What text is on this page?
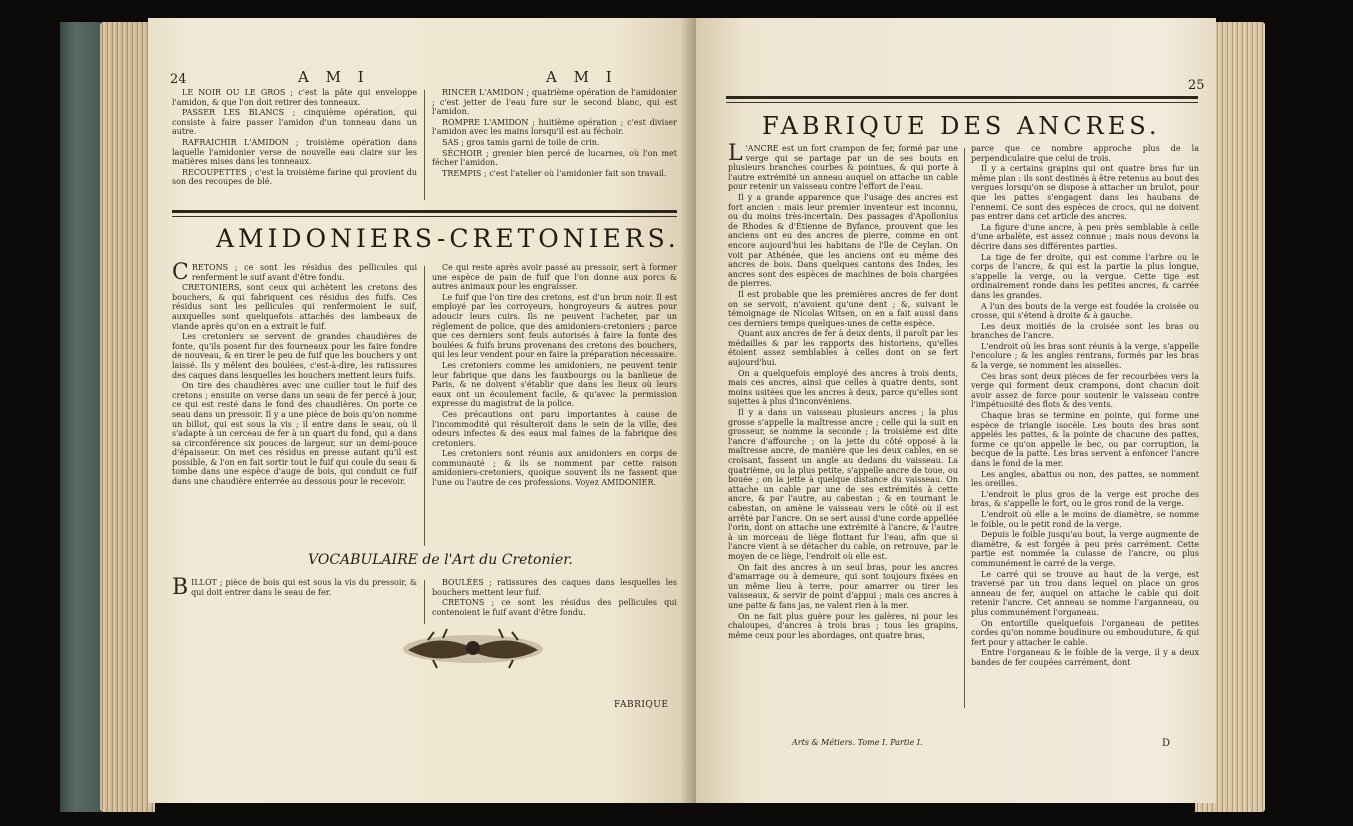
24	A M I	A M I

LE NOIR OU LE GROS ; c'est la pâte qui enveloppe l'amidon, & que l'on doit retirer des tonneaux.

PASSER LES BLANCS ; cinquième opération, qui consiste à faire passer l'amidon d'un tonneau dans un autre.

RAFRAICHIR L'AMIDON ; troisième opération dans laquelle l'amidonier verse de nouvelle eau claire sur les matières mises dans les tonneaux.

RECOUPETTES ; c'est la troisième farine qui provient du son des recoupes de blé.

RINCER L'AMIDON ; quatrième opération de l'amidonier ; c'est jetter de l'eau fure sur le second blanc, qui est l'amidon.

ROMPRE L'AMIDON ; huitième opération ; c'est diviser l'amidon avec les mains lorsqu'il est au féchoir.

SAS ; gros tamis garni de toile de crin.

SÉCHOIR ; grenier bien percé de lucarnes, où l'on met fécher l'amidon.

TREMPIS ; c'est l'atelier où l'amidonier fait son travail.

AMIDONIERS-CRETONIERS.

CRETONS ; ce sont les résidus des pellicules qui renferment le suif avant d'être fondu.

CRETONIERS, sont ceux qui achètent les cretons des bouchers, & qui fabriquent ces résidus des fuifs. Ces résidus sont les pellicules qui renfermoient le suif, auxquelles sont quelquefois attachés des lambeaux de viande après qu'on en a extrait le fuif.

Les cretoniers se servent de grandes chaudières de fonte, qu'ils posent fur des fourneaux pour les faire fondre de nouveau, & en tirer le peu de fuif que les bouchers y ont laissé. Ils y mêlent des boulées, c'est-à-dire, les ratissures des caques dans lesquelles les bouchers mettent leurs fuifs.

On tire des chaudières avec une cuiller tout le fuif des cretons ; ensuite on verse dans un seau de fer percé à jour, ce qui est resté dans le fond des chaudières. On porte ce seau dans un pressoir. Il y a une pièce de bois qu'on nomme un billot, qui est sous la vis ; il entre dans le seau, où il s'adapte à un cerceau de fer à un quart du fond, qui a dans sa circonférence six pouces de largeur, sur un demi-pouce d'épaisseur. On met ces résidus en presse autant qu'il est possible, & l'on en fait sortir tout le fuif qui coule du seau & tombe dans une espèce d'auge de bois, qui conduit ce fuif dans une chaudière enterrée au dessous pour le recevoir.

Ce qui reste après avoir passé au pressoir, sert à former une espèce de pain de fuif que l'on donne aux porcs & autres animaux pour les engraisser.

Le fuif que l'on tire des cretons, est d'un brun noir. Il est employé par les corroyeurs, hongroyeurs & autres pour adoucir leurs cuirs. Ils ne peuvent l'acheter, par un réglement de police, que des amidoniers-cretoniers ; parce que ces derniers sont feuls autorisés à faire la fonte des boulées & fuifs bruns provenans des cretons des bouchers, qui les leur vendent pour en faire la préparation nécessaire.

Les cretoniers comme les amidoniers, ne peuvent tenir leur fabrique que dans les fauxbourgs ou la banlieue de Paris, & ne doivent s'établir que dans les lieux où leurs eaux ont un écoulement facile, & qu'avec la permission expresse du magistrat de la police.

Ces précautions ont paru importantes à cause de l'incommodité qui résulteroit dans le sein de la ville, des odeurs infectes & des eaux mal faines de la fabrique des cretoniers.

Les cretoniers sont réunis aux amidoniers en corps de communauté ; & ils se nomment par cette raison amidoniers-cretoniers, quoique souvent ils ne fassent que l'une ou l'autre de ces professions. Voyez AMIDONIER.

VOCABULAIRE de l'Art du Cretonier.

BILLOT ; pièce de bois qui est sous la vis du pressoir, & qui doit entrer dans le seau de fer.

BOULÉES ; ratissures des caques dans lesquelles les bouchers mettent leur fuif.

CRETONS ; ce sont les résidus des pellicules qui contenoient le fuif avant d'être fondu.

FABRIQUE
25
FABRIQUE DES ANCRES.

L 'ANCRE est un fort crampon de fer, formé par une verge qui se partage par un de ses bouts en plusieurs branches courbes & pointues, & qui porte à l'autre extrémité un anneau auquel on attache un cable pour retenir un vaisseau contre l'effort de l'eau.

Il y a grande apparence que l'usage des ancres est fort ancien : mais leur premier inventeur est inconnu, ou du moins très-incertain. Des passages d'Apollonius de Rhodes & d'Étienne de Byfance, prouvent que les anciens ont eu des ancres de pierre, comme en ont encore aujourd'hui les habitans de l'île de Ceylan. On voit par Athénée, que les anciens ont eu même des ancres de bois. Dans quelques cantons des Indes, les ancres sont des espèces de machines de bois chargées de pierres.

Il est probable que les premières ancres de fer dont on se servoit, n'avoient qu'une dent ; &, suivant le témoignage de Nicolas Witsen, on en a fait aussi dans ces derniers temps quelques-unes de cette espèce.

Quant aux ancres de fer à deux dents, il paroît par les médailles & par les rapports des historiens, qu'elles étoient assez semblables à celles dont on se fert aujourd'hui.

On a quelquefois employé des ancres à trois dents, mais ces ancres, ainsi que celles à quatre dents, sont moins usitées que les ancres à deux, parce qu'elles sont sujettes à plus d'inconvéniens.

Il y a dans un vaisseau plusieurs ancres ; la plus grosse s'appelle la maîtresse ancre ; celle qui la suit en grosseur, se nomme la seconde ; la troisième est dite l'ancre d'affourche ; on la jette du côté opposé à la maîtresse ancre, de manière que les deux cables, en se croisant, fassent un angle au dedans du vaisseau. La quatrième, ou la plus petite, s'appelle ancre de toue, ou bouée ; on la jette à quelque distance du vaisseau. On attache un cable par une de ses extrémités à cette ancre, & par l'autre, au cabestan ; & en tournant le cabestan, on amène le vaisseau vers le côté où il est arrêté par l'ancre. On se sert aussi d'une corde appellée l'orin, dont on attache une extrémité à l'ancre, & l'autre à un morceau de liège flottant fur l'eau, afin que si l'ancre vient à se détacher du cable, on retrouve, par le moyen de ce liège, l'endroit où elle est.

On fait des ancres à un seul bras, pour les ancres d'amarrage ou à demeure, qui sont toujours fixées en un même lieu à terre, pour amarrer ou tirer les vaisseaux, & servir de point d'appui ; mais ces ancres à une patte & fans jas, ne valent rien à la mer.

On ne fait plus guère pour les galères, ni pour les chaloupes, d'ancres à trois bras ; tous les grapins, même ceux pour les abordages, ont quatre bras,

parce que ce nombre approche plus de la perpendiculaire que celui de trois.

Il y a certains grapins qui ont quatre bras fur un même plan : ils sont destinés à être retenus au bout des vergues lorsqu'on se dispose à attacher un brulot, pour que les pattes s'engagent dans les haubans de l'ennemi. Ce sont des espèces de crocs, qui ne doivent pas entrer dans cet article des ancres.

La figure d'une ancre, à peu près semblable à celle d'une arbalète, est assez connue ; mais nous devons la décrire dans ses différentes parties.

La tige de fer droite, qui est comme l'arbre ou le corps de l'ancre, & qui est la partie la plus longue, s'appelle la verge, ou la vergue. Cette tige est ordinairement ronde dans les petites ancres, & carrée dans les grandes.

A l'un des bouts de la verge est foudée la croisée ou crosse, qui s'étend à droite & à gauche.

Les deux moitiés de la croisée sont les bras ou branches de l'ancre.

L'endroit où les bras sont réunis à la verge, s'appelle l'encolure ; & les angles rentrans, formés par les bras & la verge, se nomment les aisselles.

Ces bras sont deux pièces de fer recourbées vers la verge qui forment deux crampons, dont chacun doit avoir assez de force pour soutenir le vaisseau contre l'impétuosité des flots & des vents.

Chaque bras se termine en pointe, qui forme une espèce de triangle isocèle. Les bouts des bras sont appelés les pattes, & la pointe de chacune des pattes, forme ce qu'on appelle le bec, ou par corruption, la becque de la patte. Les bras servent à enfoncer l'ancre dans le fond de la mer.

Les angles, abattus ou non, des pattes, se nomment les oreilles.

L'endroit le plus gros de la verge est proche des bras, & s'appelle le fort, ou le gros rond de la verge.

L'endroit où elle a le moins de diamètre, se nomme le foible, ou le petit rond de la verge.

Depuis le foible jusqu'au bout, la verge augmente de diamètre, & est forgée à peu près carrément. Cette partie est nommée la culasse de l'ancre, ou plus communément le carré de la verge.

Le carré qui se trouve au haut de la verge, est traversé par un trou dans lequel on place un gros anneau de fer, auquel on attache le cable qui doit retenir l'ancre. Cet anneau se nomme l'arganneau, ou plus communément l'organeau.

On entortille quelquefois l'organeau de petites cordes qu'on nomme boudinure ou embouduture, & qui fert pour y attacher le cable.

Entre l'organeau & le foible de la verge, il y a deux bandes de fer coupées carrément, dont

Arts & Métiers. Tome I. Partie I.	D
